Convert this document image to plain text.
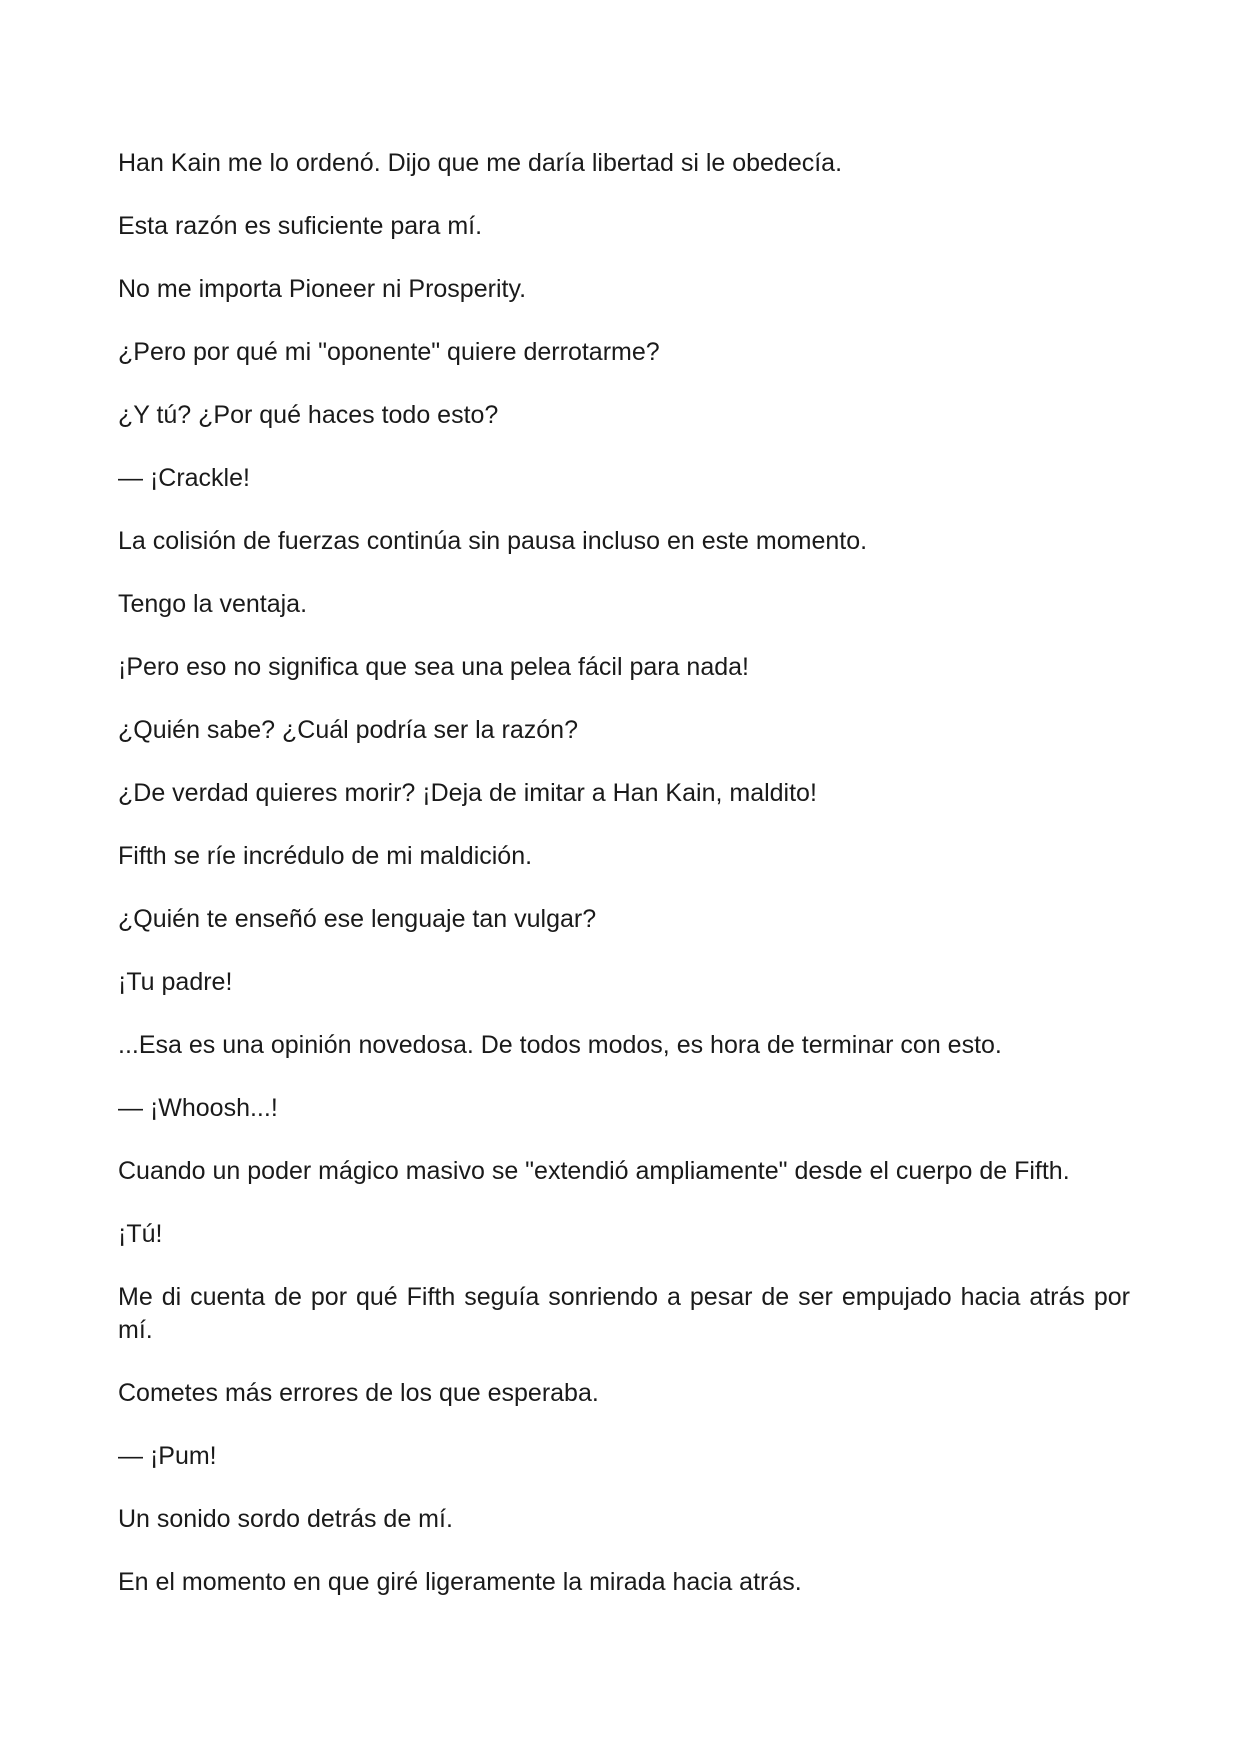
Han Kain me lo ordenó. Dijo que me daría libertad si le obedecía.

Esta razón es suficiente para mí.

No me importa Pioneer ni Prosperity.

¿Pero por qué mi "oponente" quiere derrotarme?

¿Y tú? ¿Por qué haces todo esto?

— ¡Crackle!

La colisión de fuerzas continúa sin pausa incluso en este momento.

Tengo la ventaja.

¡Pero eso no significa que sea una pelea fácil para nada!

¿Quién sabe? ¿Cuál podría ser la razón?

¿De verdad quieres morir? ¡Deja de imitar a Han Kain, maldito!

Fifth se ríe incrédulo de mi maldición.

¿Quién te enseñó ese lenguaje tan vulgar?

¡Tu padre!

...Esa es una opinión novedosa. De todos modos, es hora de terminar con esto.

— ¡Whoosh...!

Cuando un poder mágico masivo se "extendió ampliamente" desde el cuerpo de Fifth.

¡Tú!

Me di cuenta de por qué Fifth seguía sonriendo a pesar de ser empujado hacia atrás por mí.

Cometes más errores de los que esperaba.

— ¡Pum!

Un sonido sordo detrás de mí.

En el momento en que giré ligeramente la mirada hacia atrás.
